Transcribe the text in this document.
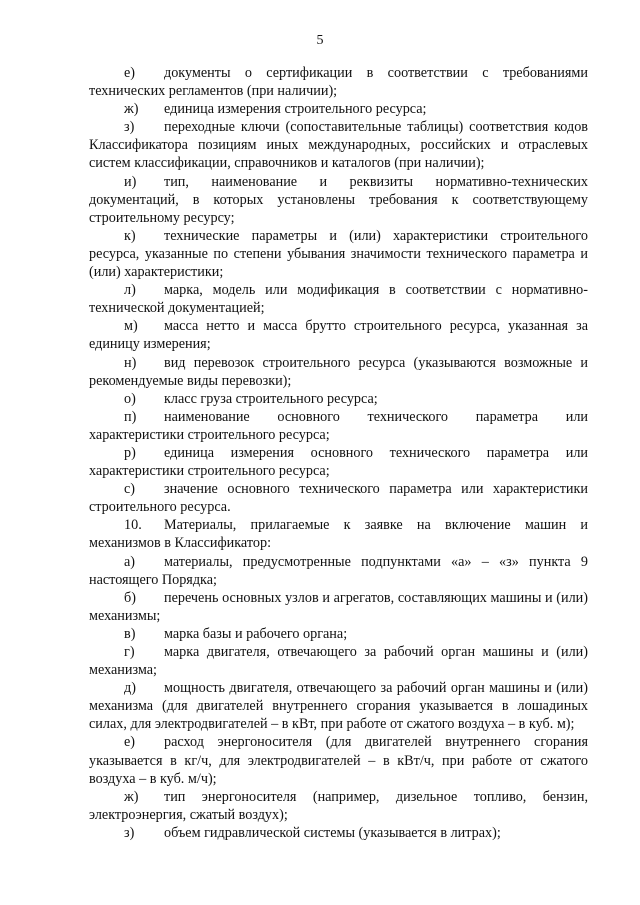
5

е) документы о сертификации в соответствии с требованиями технических регламентов (при наличии);

ж) единица измерения строительного ресурса;

з) переходные ключи (сопоставительные таблицы) соответствия кодов Классификатора позициям иных международных, российских и отраслевых систем классификации, справочников и каталогов (при наличии);

и) тип, наименование и реквизиты нормативно-технических документаций, в которых установлены требования к соответствующему строительному ресурсу;

к) технические параметры и (или) характеристики строительного ресурса, указанные по степени убывания значимости технического параметра и (или) характеристики;

л) марка, модель или модификация в соответствии с нормативно-технической документацией;

м) масса нетто и масса брутто строительного ресурса, указанная за единицу измерения;

н) вид перевозок строительного ресурса (указываются возможные и рекомендуемые виды перевозки);

о) класс груза строительного ресурса;

п) наименование основного технического параметра или характеристики строительного ресурса;

р) единица измерения основного технического параметра или характеристики строительного ресурса;

с) значение основного технического параметра или характеристики строительного ресурса.

10. Материалы, прилагаемые к заявке на включение машин и механизмов в Классификатор:

а) материалы, предусмотренные подпунктами «а» – «з» пункта 9 настоящего Порядка;

б) перечень основных узлов и агрегатов, составляющих машины и (или) механизмы;

в) марка базы и рабочего органа;

г) марка двигателя, отвечающего за рабочий орган машины и (или) механизма;

д) мощность двигателя, отвечающего за рабочий орган машины и (или) механизма (для двигателей внутреннего сгорания указывается в лошадиных силах, для электродвигателей – в кВт, при работе от сжатого воздуха – в куб. м);

е) расход энергоносителя (для двигателей внутреннего сгорания указывается в кг/ч, для электродвигателей – в кВт/ч, при работе от сжатого воздуха – в куб. м/ч);

ж) тип энергоносителя (например, дизельное топливо, бензин, электроэнергия, сжатый воздух);

з) объем гидравлической системы (указывается в литрах);
